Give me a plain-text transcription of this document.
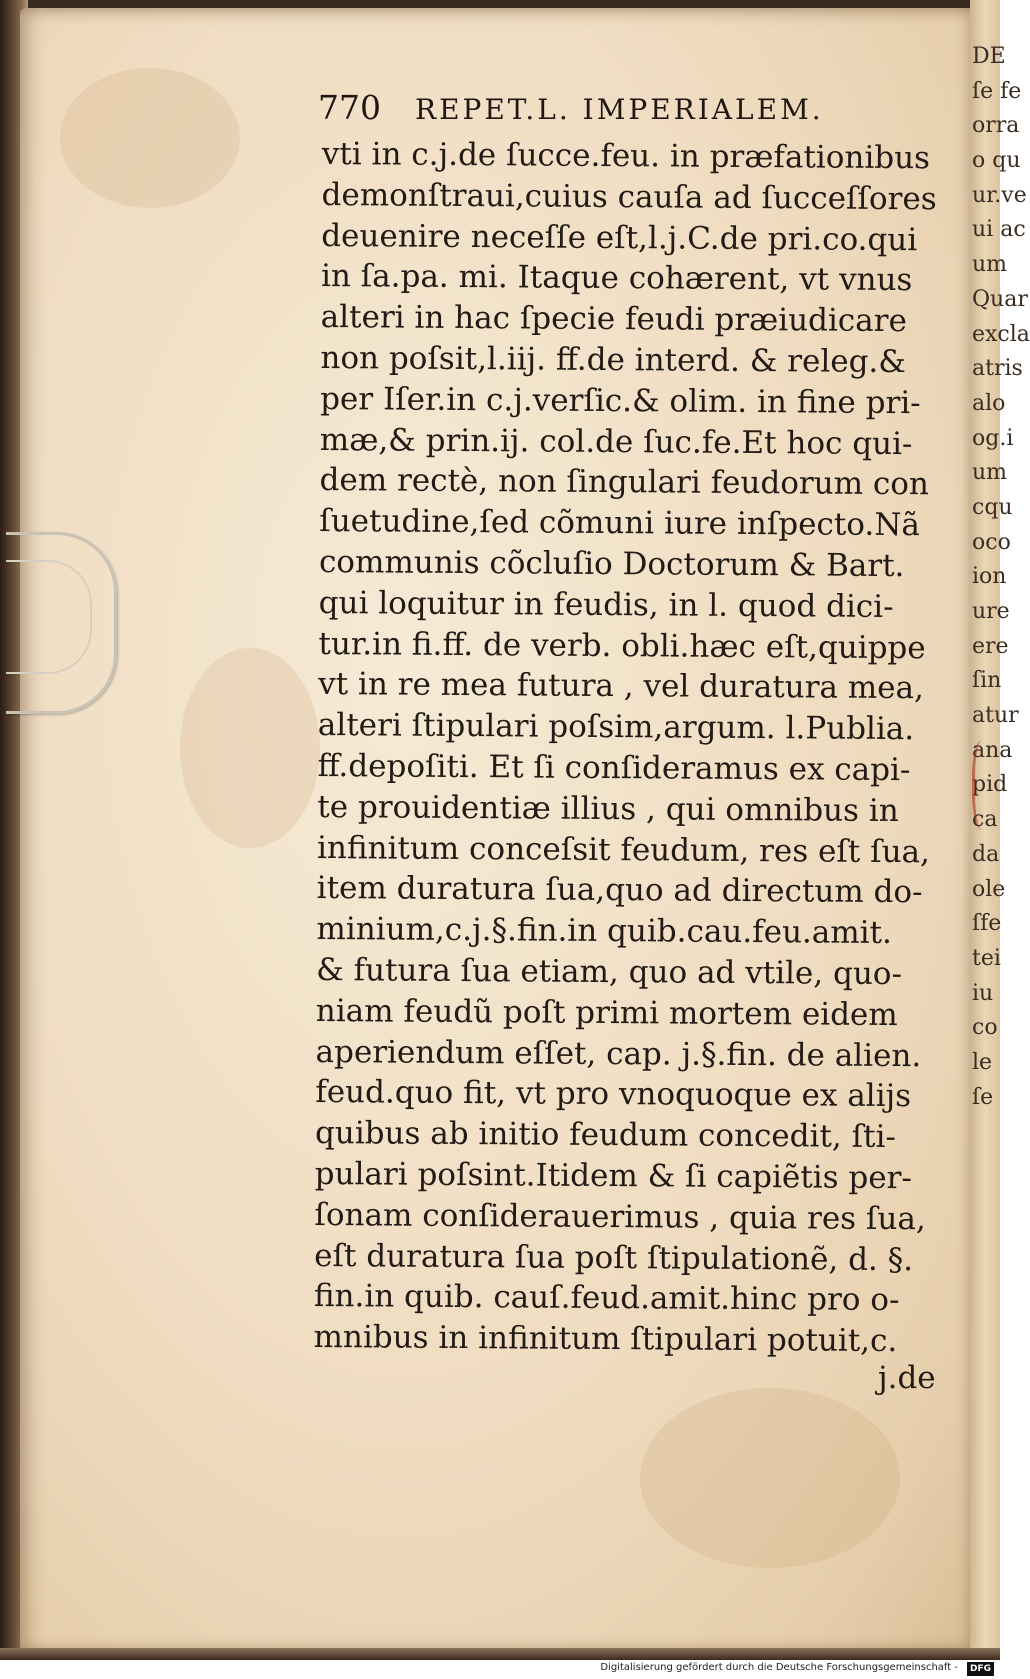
DE
ſe fe
orra
o qu
ur.ve
ui ac
um
Quar
excla
atris
alo
og.i
um
cqu
oco
ion
ure
ere
ſin
atur
ana
pid
ca
da
ole
ſfe
tei
iu
co
le
ſe
770 REPET.L. IMPERIALEM.
vti in c.j.de ſucce.feu. in præfationibus
demonſtraui,cuius cauſa ad ſucceſſores
deuenire neceſſe eſt,l.j.C.de pri.co.qui
in ſa.pa. mi. Itaque cohærent, vt vnus
alteri in hac ſpecie feudi præiudicare
non poſsit,l.iij. ff.de interd. & releg.&
per Iſer.in c.j.verſic.& olim. in fine pri-
mæ,& prin.ij. col.de ſuc.fe.Et hoc qui-
dem rectè, non ſingulari feudorum con
ſuetudine,ſed cõmuni iure inſpecto.Nã
communis cõcluſio Doctorum & Bart.
qui loquitur in feudis, in l. quod dici-
tur.in fi.ff. de verb. obli.hæc eſt,quippe
vt in re mea futura , vel duratura mea,
alteri ſtipulari poſsim,argum. l.Publia.
ff.depoſiti. Et ſi conſideramus ex capi-
te prouidentiæ illius , qui omnibus in
infinitum conceſsit feudum, res eſt ſua,
item duratura ſua,quo ad directum do-
minium,c.j.§.fin.in quib.cau.feu.amit.
& futura ſua etiam, quo ad vtile, quo-
niam feudũ poſt primi mortem eidem
aperiendum eſſet, cap. j.§.fin. de alien.
feud.quo fit, vt pro vnoquoque ex alijs
quibus ab initio feudum concedit, ſti-
pulari poſsint.Itidem & ſi capiẽtis per-
ſonam conſiderauerimus , quia res ſua,
eſt duratura ſua poſt ſtipulationẽ, d. §.
fin.in quib. cauſ.feud.amit.hinc pro o-
mnibus in infinitum ſtipulari potuit,c.
j.de
Digitalisierung gefördert durch die Deutsche Forschungsgemeinschaft -	DFG
